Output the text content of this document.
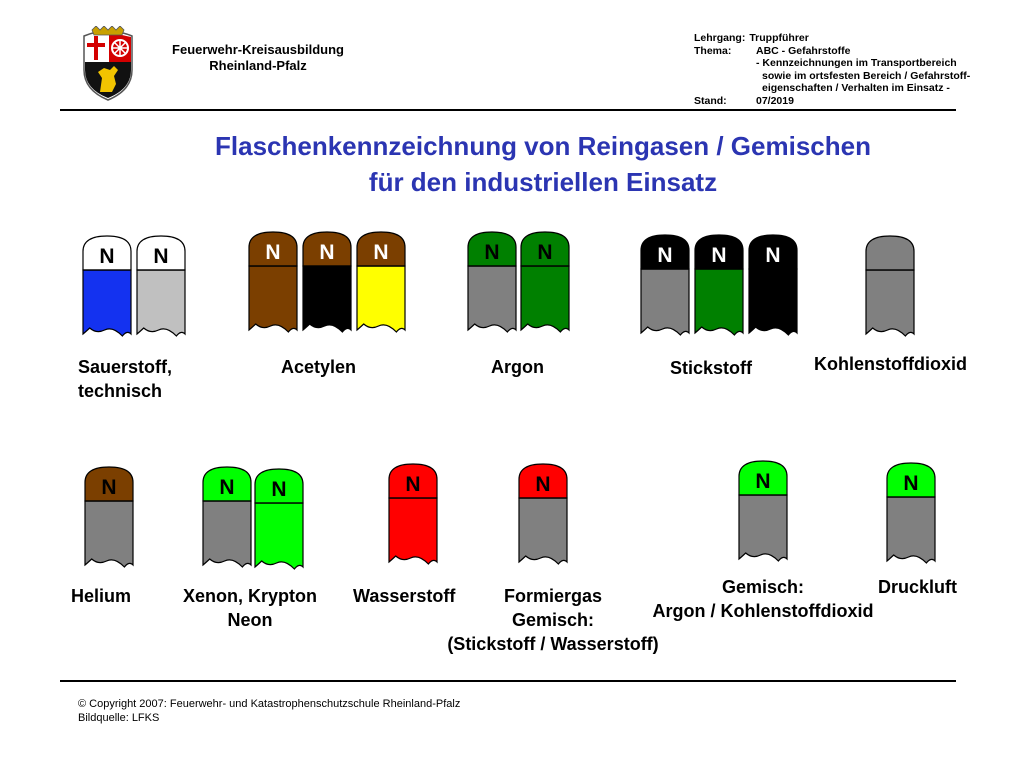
Feuerwehr-Kreisausbildung
Rheinland-Pfalz
Lehrgang: Truppführer
Thema:	ABC - Gefahrstoffe
- Kennzeichnungen im Transportbereich
sowie im ortsfesten Bereich / Gefahrstoff-
eigenschaften / Verhalten im Einsatz -
Stand:	07/2019
Flaschenkennzeichnung von Reingasen / Gemischen
für den industriellen Einsatz
N N	N N N	N N	N N N
N	N N	N	N	N	N
Sauerstoff,
technisch
Acetylen	Argon	Stickstoff	Kohlenstoffdioxid
Helium	Xenon, Krypton
Neon
Wasserstoff	Formiergas
Gemisch:
(Stickstoff / Wasserstoff)
Gemisch:
Argon / Kohlenstoffdioxid
Druckluft
© Copyright 2007: Feuerwehr- und Katastrophenschutzschule Rheinland-Pfalz
Bildquelle: LFKS
